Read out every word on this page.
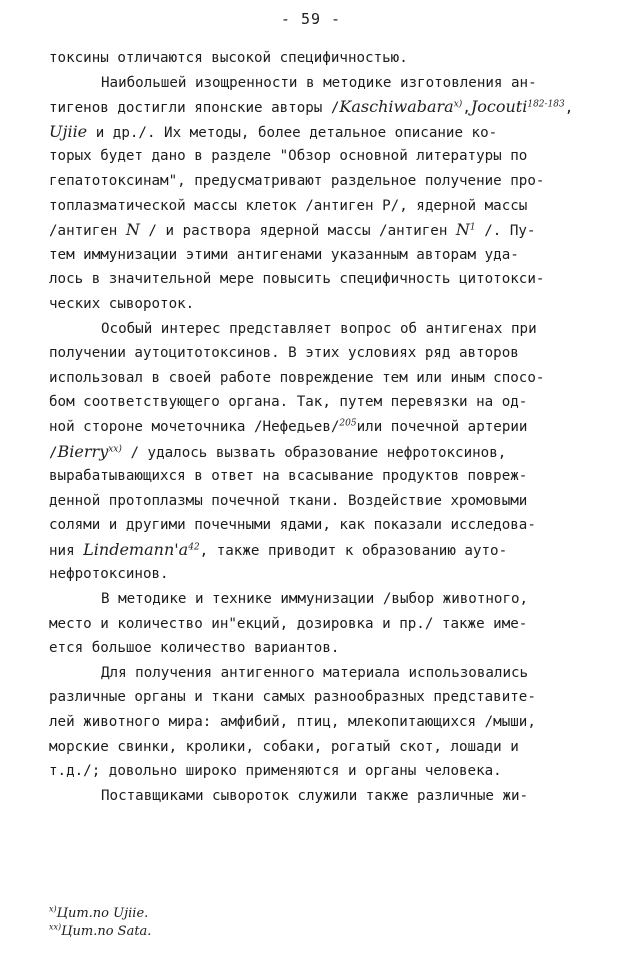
- 59 -
токсины отличаются высокой специфичностью.
Наибольшей изощренности в методике изготовления ан-
тигенов достигли японские авторы /Kaschiwabara$^{x)}$,Jocouti$^{182-183}$,
Ujiie и др./. Их методы, более детальное описание ко-
торых будет дано в разделе "Обзор основной литературы по
гепатотоксинам", предусматривают раздельное получение про-
топлазматической массы клеток /антиген P/, ядерной массы
/антиген N / и раствора ядерной массы /антиген $N^1$ /. Пу-
тем иммунизации этими антигенами указанным авторам уда-
лось в значительной мере повысить специфичность цитотокси-
ческих сывороток.
Особый интерес представляет вопрос об антигенах при
получении аутоцитотоксинов. В этих условиях ряд авторов
использовал в своей работе повреждение тем или иным спосо-
бом соответствующего органа. Так, путем перевязки на од-
ной стороне мочеточника /Нефедьев/$^{205}$или почечной артерии
/Bierry$^{xx)}$ / удалось вызвать образование нефротоксинов,
вырабатывающихся в ответ на всасывание продуктов повреж-
денной протоплазмы почечной ткани. Воздействие хромовыми
солями и другими почечными ядами, как показали исследова-
ния $Lindemann'a^{42}$, также приводит к образованию ауто-
нефротоксинов.
В методике и технике иммунизации /выбор животного,
место и количество ин"екций, дозировка и пр./ также име-
ется большое количество вариантов.
Для получения антигенного материала использовались
различные органы и ткани самых разнообразных представите-
лей животного мира: амфибий, птиц, млекопитающихся /мыши,
морские свинки, кролики, собаки, рогатый скот, лошади и
т.д./; довольно широко применяются и органы человека.
Поставщиками сывороток служили также различные жи-
$^{x)}$Цит.по Ujiie.
$^{xx)}$Цит.по Sata.
